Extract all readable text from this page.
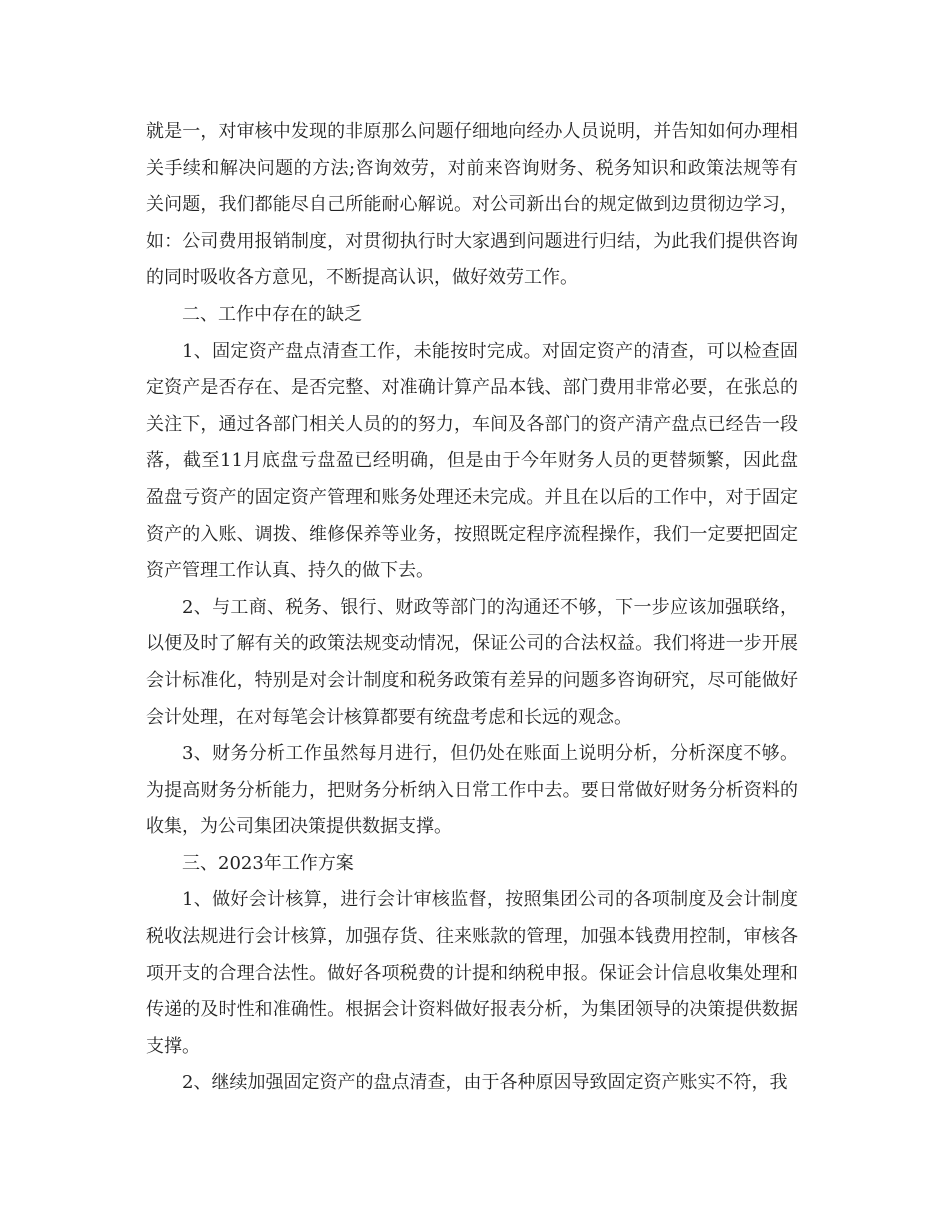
就是一，对审核中发现的非原那么问题仔细地向经办人员说明，并告知如何办理相关手续和解决问题的方法;咨询效劳，对前来咨询财务、税务知识和政策法规等有关问题，我们都能尽自己所能耐心解说。对公司新出台的规定做到边贯彻边学习，如：公司费用报销制度，对贯彻执行时大家遇到问题进行归结，为此我们提供咨询的同时吸收各方意见，不断提高认识，做好效劳工作。

二、工作中存在的缺乏

1、固定资产盘点清查工作，未能按时完成。对固定资产的清查，可以检查固定资产是否存在、是否完整、对准确计算产品本钱、部门费用非常必要，在张总的关注下，通过各部门相关人员的的努力，车间及各部门的资产清产盘点已经告一段落，截至11月底盘亏盘盈已经明确，但是由于今年财务人员的更替频繁，因此盘盈盘亏资产的固定资产管理和账务处理还未完成。并且在以后的工作中，对于固定资产的入账、调拨、维修保养等业务，按照既定程序流程操作，我们一定要把固定资产管理工作认真、持久的做下去。

2、与工商、税务、银行、财政等部门的沟通还不够，下一步应该加强联络，以便及时了解有关的政策法规变动情况，保证公司的合法权益。我们将进一步开展会计标准化，特别是对会计制度和税务政策有差异的问题多咨询研究，尽可能做好会计处理，在对每笔会计核算都要有统盘考虑和长远的观念。

3、财务分析工作虽然每月进行，但仍处在账面上说明分析，分析深度不够。为提高财务分析能力，把财务分析纳入日常工作中去。要日常做好财务分析资料的收集，为公司集团决策提供数据支撑。

三、2023年工作方案

1、做好会计核算，进行会计审核监督，按照集团公司的各项制度及会计制度税收法规进行会计核算，加强存货、往来账款的管理，加强本钱费用控制，审核各项开支的合理合法性。做好各项税费的计提和纳税申报。保证会计信息收集处理和传递的及时性和准确性。根据会计资料做好报表分析，为集团领导的决策提供数据支撑。

2、继续加强固定资产的盘点清查，由于各种原因导致固定资产账实不符，我
